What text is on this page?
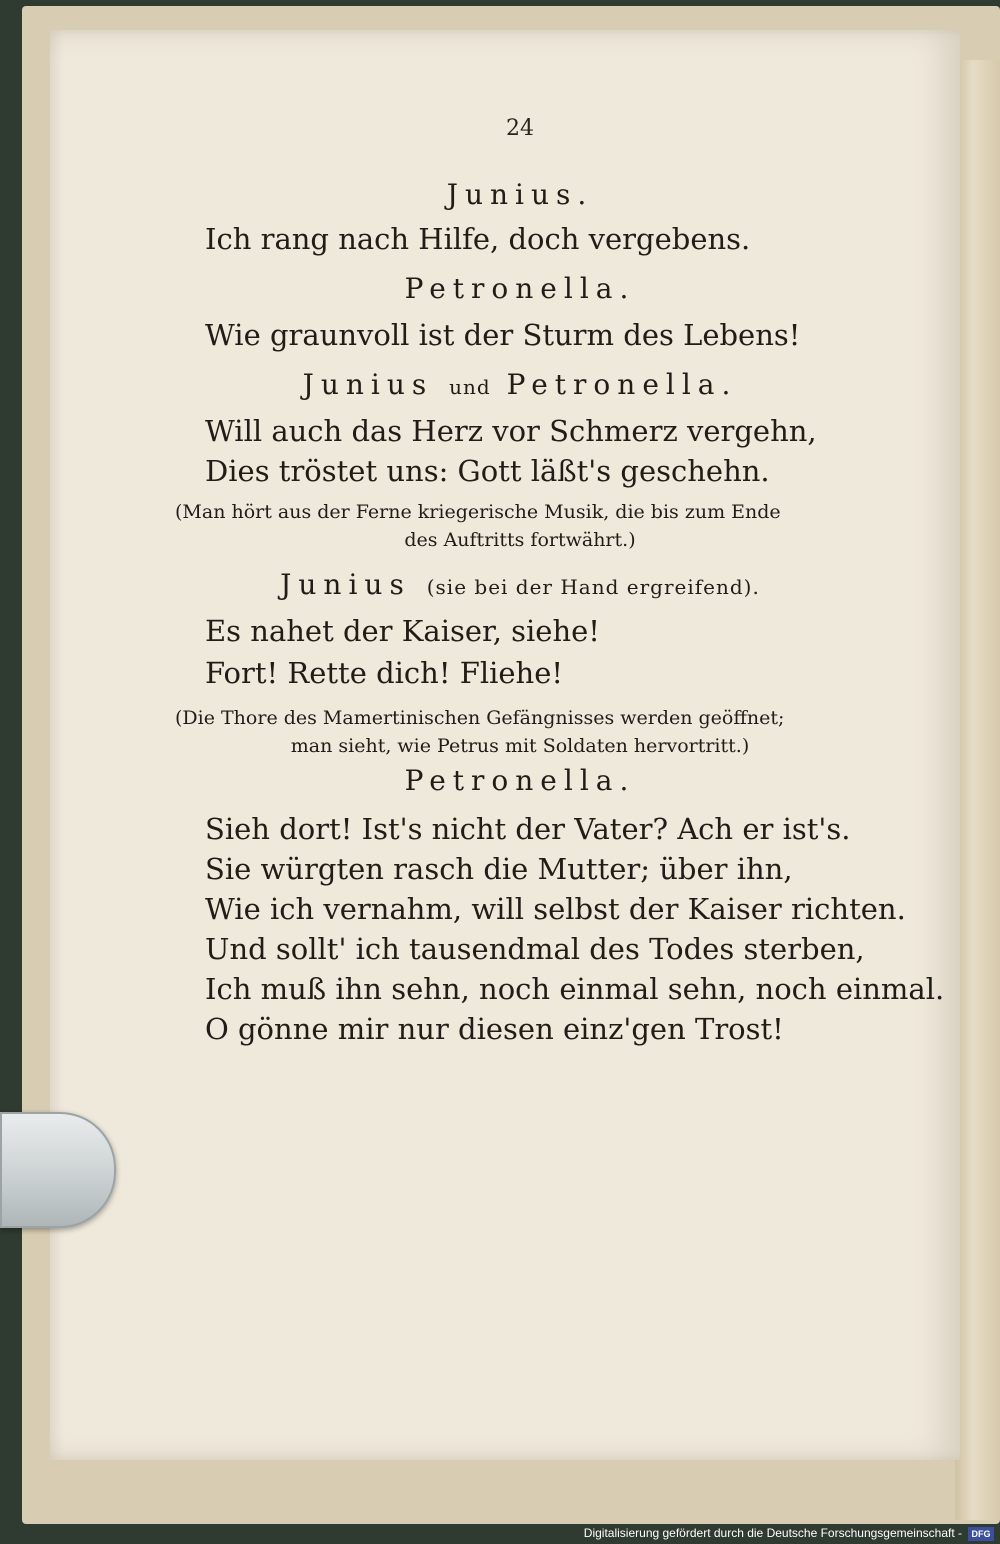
24
Junius.
Ich rang nach Hilfe, doch vergebens.
Petronella.
Wie graunvoll ist der Sturm des Lebens!
Junius und Petronella.
Will auch das Herz vor Schmerz vergehn,
Dies tröstet uns: Gott läßt's geschehn.
(Man hört aus der Ferne kriegerische Musik, die bis zum Ende
des Auftritts fortwährt.)
Junius (sie bei der Hand ergreifend).
Es nahet der Kaiser, siehe!
Fort! Rette dich! Fliehe!
(Die Thore des Mamertinischen Gefängnisses werden geöffnet;
man sieht, wie Petrus mit Soldaten hervortritt.)
Petronella.
Sieh dort! Ist's nicht der Vater? Ach er ist's.
Sie würgten rasch die Mutter; über ihn,
Wie ich vernahm, will selbst der Kaiser richten.
Und sollt' ich tausendmal des Todes sterben,
Ich muß ihn sehn, noch einmal sehn, noch einmal.
O gönne mir nur diesen einz'gen Trost!
Digitalisierung gefördert durch die Deutsche Forschungsgemeinschaft -	DFG
